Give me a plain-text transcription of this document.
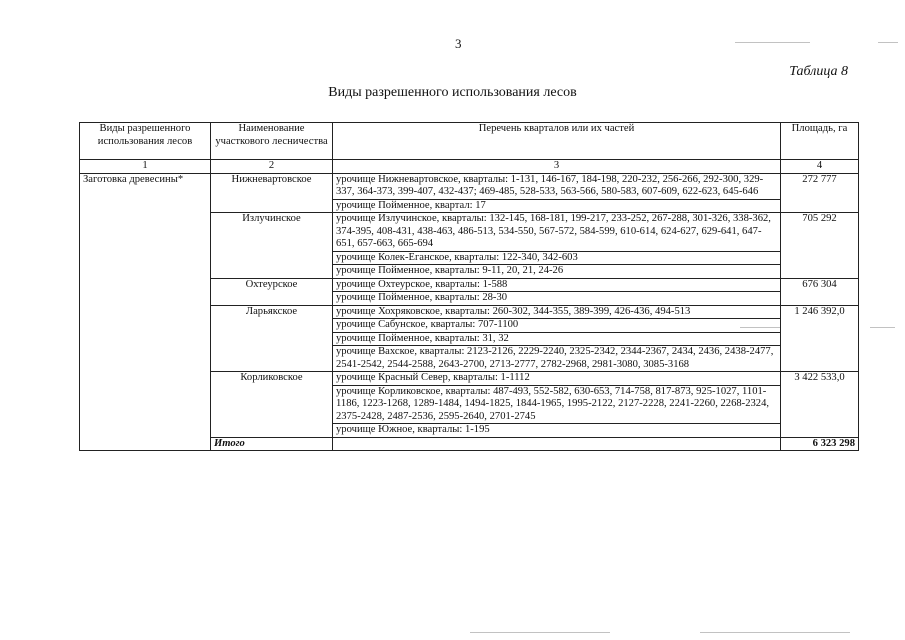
3
Таблица 8
Виды разрешенного использования лесов
Виды разрешенного использования лесов	Наименование участкового лесничества	Перечень кварталов или их частей	Площадь, га
1	2	3	4
Заготовка древесины*	Нижневартовское	урочище Нижневартовское, кварталы: 1-131, 146-167, 184-198, 220-232, 256-266, 292-300, 329-337, 364-373, 399-407, 432-437; 469-485, 528-533, 563-566, 580-583, 607-609, 622-623, 645-646	272 777
		урочище Пойменное, квартал: 17	
	Излучинское	урочище Излучинское, кварталы: 132-145, 168-181, 199-217, 233-252, 267-288, 301-326, 338-362, 374-395, 408-431, 438-463, 486-513, 534-550, 567-572, 584-599, 610-614, 624-627, 629-641, 647-651, 657-663, 665-694	705 292
		урочище Колек-Еганское, кварталы: 122-340, 342-603	
		урочище Пойменное, кварталы: 9-11, 20, 21, 24-26	
	Охтеурское	урочище Охтеурское, кварталы: 1-588	676 304
		урочище Пойменное, кварталы: 28-30	
	Ларьякское	урочище Хохряковское, кварталы: 260-302, 344-355, 389-399, 426-436, 494-513	1 246 392,0
		урочище Сабунское, кварталы: 707-1100	
		урочище Пойменное, кварталы: 31, 32	
		урочище Вахское, кварталы: 2123-2126, 2229-2240, 2325-2342, 2344-2367, 2434, 2436, 2438-2477, 2541-2542, 2544-2588, 2643-2700, 2713-2777, 2782-2968, 2981-3080, 3085-3168	
	Корликовское	урочище Красный Север, кварталы: 1-1112	3 422 533,0
		урочище Корликовское, кварталы: 487-493, 552-582, 630-653, 714-758, 817-873, 925-1027, 1101-1186, 1223-1268, 1289-1484, 1494-1825, 1844-1965, 1995-2122, 2127-2228, 2241-2260, 2268-2324, 2375-2428, 2487-2536, 2595-2640, 2701-2745	
		урочище Южное, кварталы: 1-195	
	Итого		6 323 298
